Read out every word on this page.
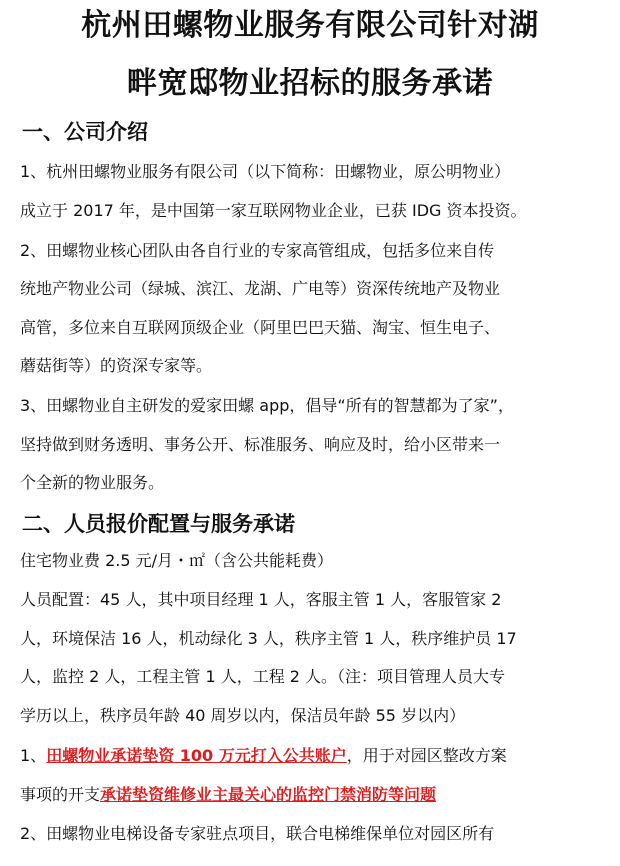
杭州田螺物业服务有限公司针对湖
畔宽邸物业招标的服务承诺
一、公司介绍

1、杭州田螺物业服务有限公司（以下简称：田螺物业，原公明物业）

成立于 2017 年，是中国第一家互联网物业企业，已获 IDG 资本投资。

2、田螺物业核心团队由各自行业的专家高管组成，包括多位来自传

统地产物业公司（绿城、滨江、龙湖、广电等）资深传统地产及物业

高管，多位来自互联网顶级企业（阿里巴巴天猫、淘宝、恒生电子、

蘑菇街等）的资深专家等。

3、田螺物业自主研发的爱家田螺 app，倡导“所有的智慧都为了家”，

坚持做到财务透明、事务公开、标准服务、响应及时，给小区带来一

个全新的物业服务。

二、人员报价配置与服务承诺

住宅物业费 2.5 元/月・㎡（含公共能耗费）

人员配置：45 人，其中项目经理 1 人，客服主管 1 人，客服管家 2

人，环境保洁 16 人，机动绿化 3 人，秩序主管 1 人，秩序维护员 17

人，监控 2 人，工程主管 1 人，工程 2 人。（注：项目管理人员大专

学历以上，秩序员年龄 40 周岁以内，保洁员年龄 55 岁以内）

1、田螺物业承诺垫资 100 万元打入公共账户，用于对园区整改方案

事项的开支承诺垫资维修业主最关心的监控门禁消防等问题

2、田螺物业电梯设备专家驻点项目，联合电梯维保单位对园区所有
